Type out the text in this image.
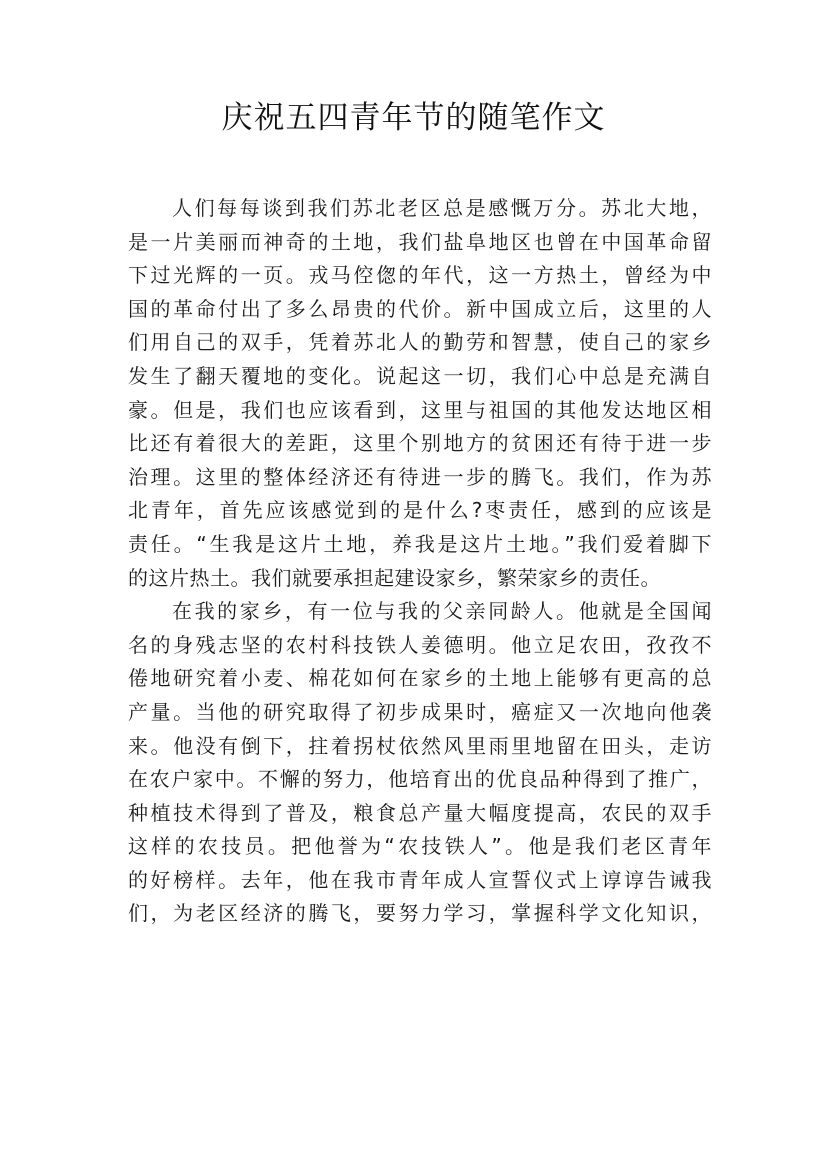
庆祝五四青年节的随笔作文
人们每每谈到我们苏北老区总是感慨万分。苏北大地，
是一片美丽而神奇的土地，我们盐阜地区也曾在中国革命留
下过光辉的一页。戎马倥偬的年代，这一方热土，曾经为中
国的革命付出了多么昂贵的代价。新中国成立后，这里的人
们用自己的双手，凭着苏北人的勤劳和智慧，使自己的家乡
发生了翻天覆地的变化。说起这一切，我们心中总是充满自
豪。但是，我们也应该看到，这里与祖国的其他发达地区相
比还有着很大的差距，这里个别地方的贫困还有待于进一步
治理。这里的整体经济还有待进一步的腾飞。我们，作为苏
北青年，首先应该感觉到的是什么?枣责任，感到的应该是
责任。“生我是这片土地，养我是这片土地。”我们爱着脚下
的这片热土。我们就要承担起建设家乡，繁荣家乡的责任。
在我的家乡，有一位与我的父亲同龄人。他就是全国闻
名的身残志坚的农村科技铁人姜德明。他立足农田，孜孜不
倦地研究着小麦、棉花如何在家乡的土地上能够有更高的总
产量。当他的研究取得了初步成果时，癌症又一次地向他袭
来。他没有倒下，拄着拐杖依然风里雨里地留在田头，走访
在农户家中。不懈的努力，他培育出的优良品种得到了推广，
种植技术得到了普及，粮食总产量大幅度提高，农民的双手
这样的农技员。把他誉为“农技铁人”。他是我们老区青年
的好榜样。去年，他在我市青年成人宣誓仪式上谆谆告诫我
们，为老区经济的腾飞，要努力学习，掌握科学文化知识，
